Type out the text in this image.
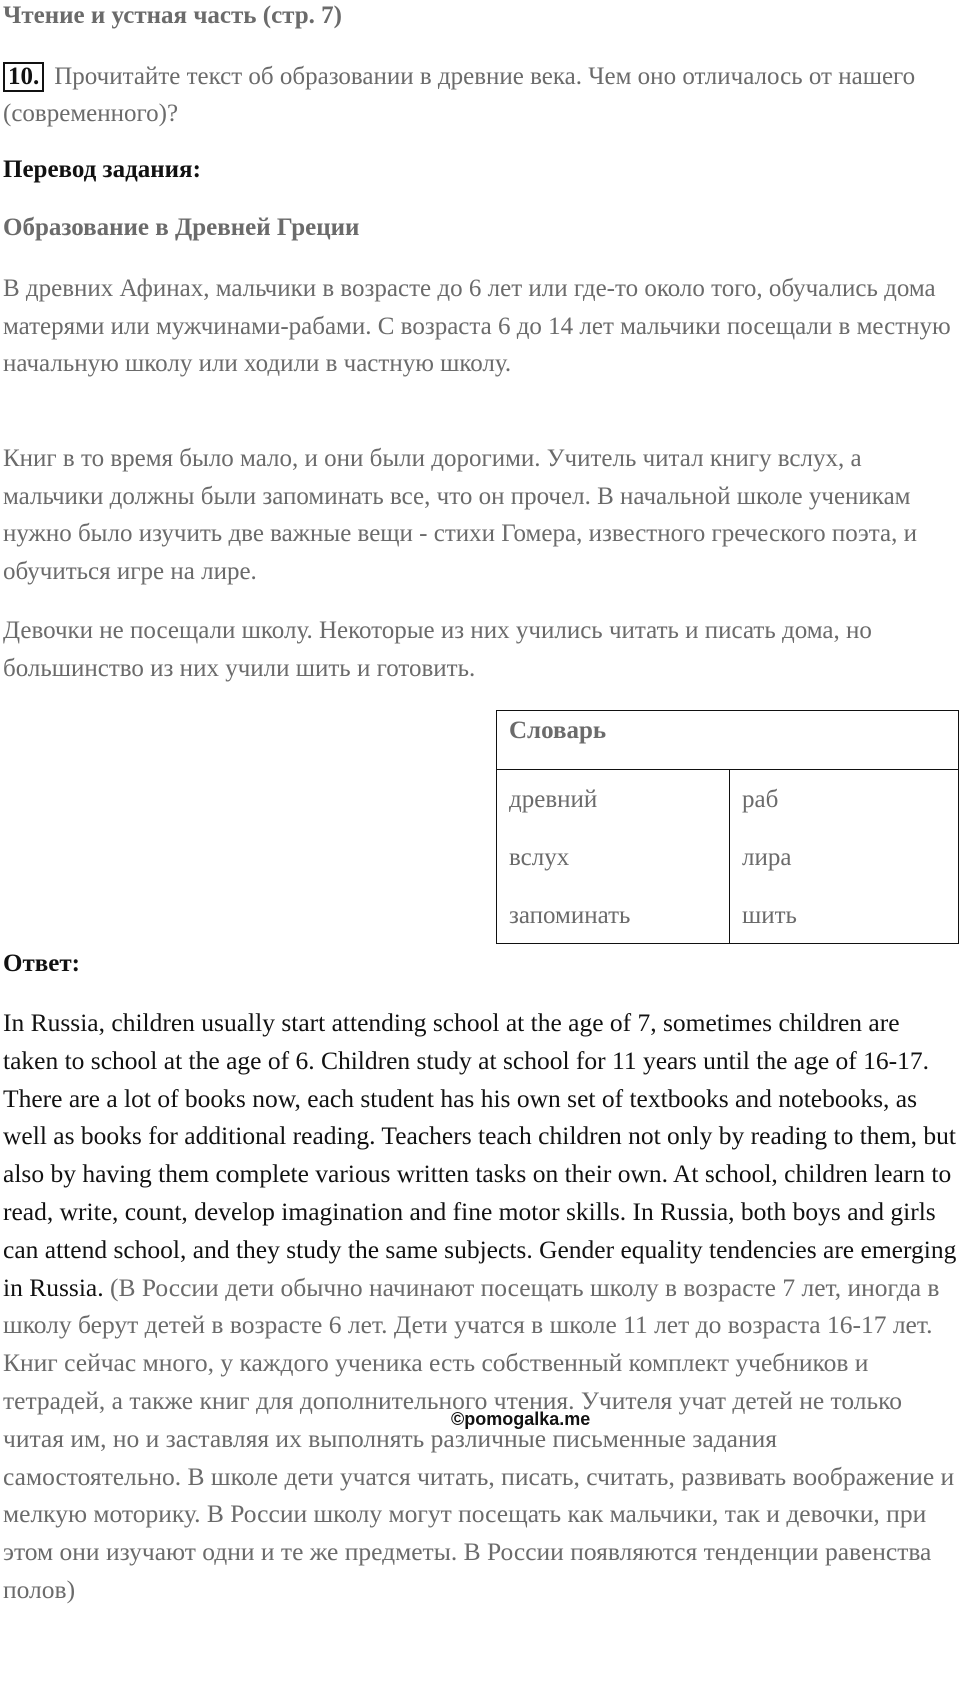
Чтение и устная часть (стр. 7)
10. Прочитайте текст об образовании в древние века. Чем оно отличалось от нашего (современного)?
Перевод задания:
Образование в Древней Греции
В древних Афинах, мальчики в возрасте до 6 лет или где-то около того, обучались дома матерями или мужчинами-рабами. С возраста 6 до 14 лет мальчики посещали в местную начальную школу или ходили в частную школу.
Книг в то время было мало, и они были дорогими. Учитель читал книгу вслух, а мальчики должны были запоминать все, что он прочел. В начальной школе ученикам нужно было изучить две важные вещи - стихи Гомера, известного греческого поэта, и обучиться игре на лире.
Девочки не посещали школу. Некоторые из них учились читать и писать дома, но большинство из них учили шить и готовить.
Словарь
древний
вслух
запоминать
раб
лира
шить
Ответ:
In Russia, children usually start attending school at the age of 7, sometimes children are taken to school at the age of 6. Children study at school for 11 years until the age of 16-17. There are a lot of books now, each student has his own set of textbooks and notebooks, as well as books for additional reading. Teachers teach children not only by reading to them, but also by having them complete various written tasks on their own. At school, children learn to read, write, count, develop imagination and fine motor skills. In Russia, both boys and girls can attend school, and they study the same subjects. Gender equality tendencies are emerging in Russia. (В России дети обычно начинают посещать школу в возрасте 7 лет, иногда в школу берут детей в возрасте 6 лет. Дети учатся в школе 11 лет до возраста 16-17 лет. Книг сейчас много, у каждого ученика есть собственный комплект учебников и тетрадей, а также книг для дополнительного чтения. Учителя учат детей не только читая им, но и заставляя их выполнять различные письменные задания самостоятельно. В школе дети учатся читать, писать, считать, развивать воображение и мелкую моторику. В России школу могут посещать как мальчики, так и девочки, при этом они изучают одни и те же предметы. В России появляются тенденции равенства полов)
©pomogalka.me
